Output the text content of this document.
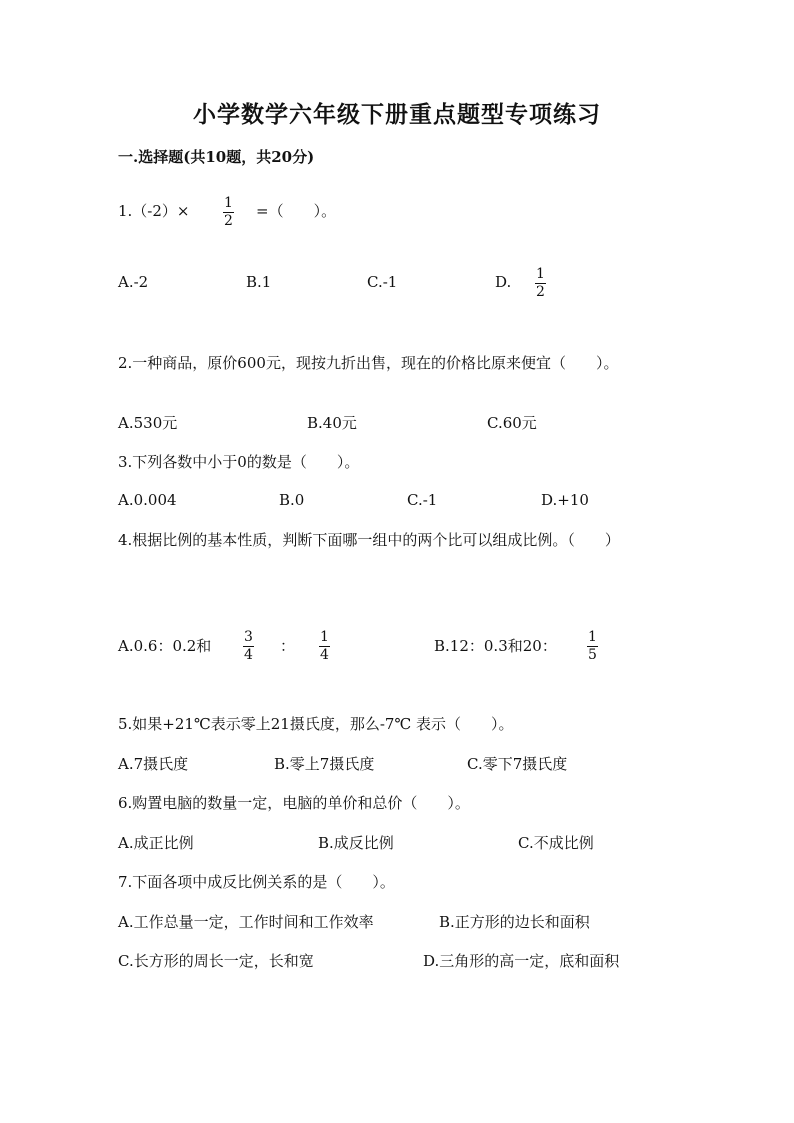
小学数学六年级下册重点题型专项练习
一.选择题(共10题，共20分)
1.（-2）× 1
2
=（　　）。
A.-2	B.1	C.-1	D. 1
2
2.一种商品，原价600元，现按九折出售，现在的价格比原来便宜（　　）。
A.530元	B.40元	C.60元
3.下列各数中小于0的数是（　　）。
A.0.004	B.0	C.-1	D.+10
4.根据比例的基本性质，判断下面哪一组中的两个比可以组成比例。（　　）
A.0.6：0.2和 3
4 ： 1
4	B.12：0.3和20： 1
5
5.如果+21℃表示零上21摄氏度，那么-7℃ 表示（　　）。
A.7摄氏度	B.零上7摄氏度	C.零下7摄氏度
6.购置电脑的数量一定，电脑的单价和总价（　　）。
A.成正比例	B.成反比例	C.不成比例
7.下面各项中成反比例关系的是（　　）。
A.工作总量一定，工作时间和工作效率	B.正方形的边长和面积
C.长方形的周长一定，长和宽	D.三角形的高一定，底和面积
